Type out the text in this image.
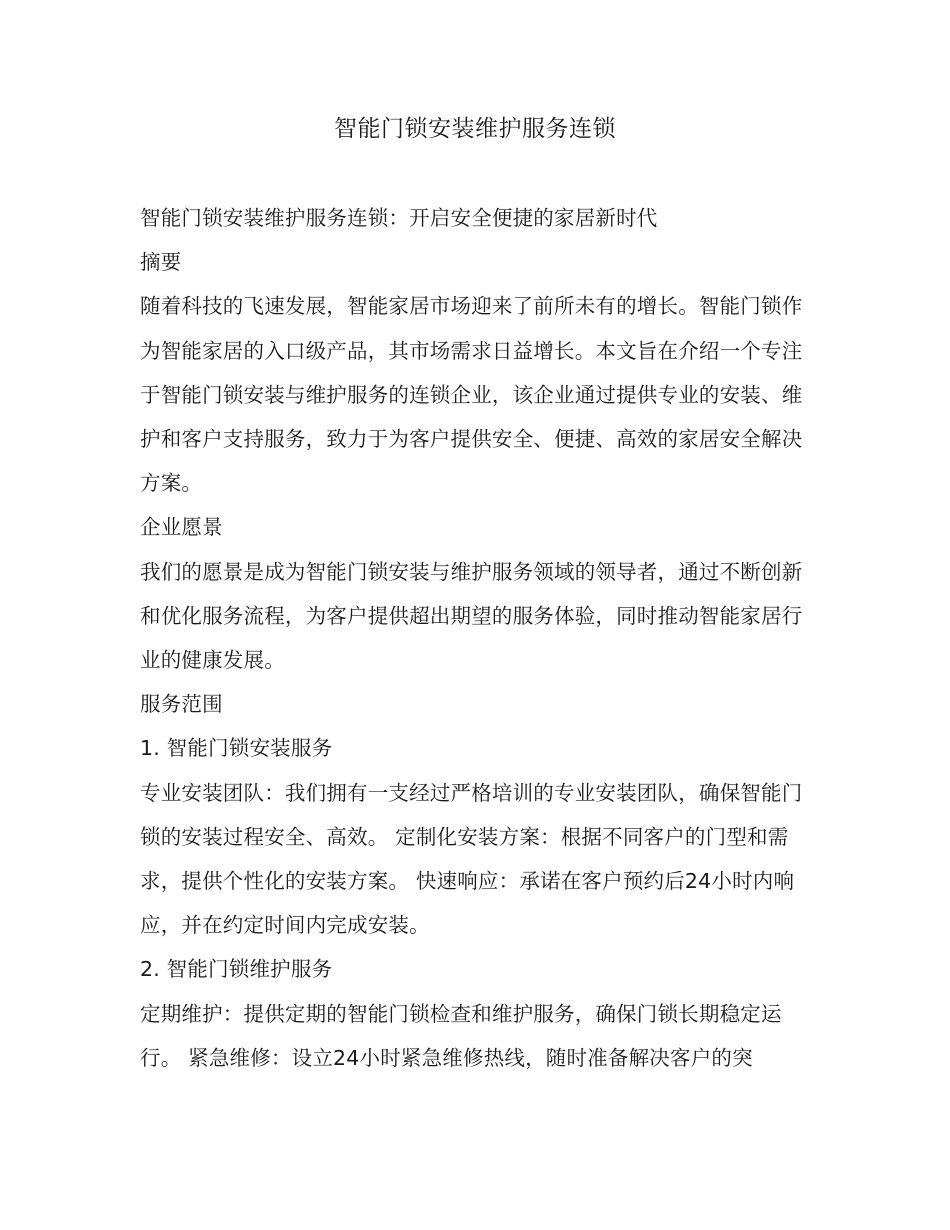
智能门锁安装维护服务连锁

智能门锁安装维护服务连锁：开启安全便捷的家居新时代

摘要

随着科技的飞速发展，智能家居市场迎来了前所未有的增长。智能门锁作为智能家居的入口级产品，其市场需求日益增长。本文旨在介绍一个专注于智能门锁安装与维护服务的连锁企业，该企业通过提供专业的安装、维护和客户支持服务，致力于为客户提供安全、便捷、高效的家居安全解决方案。

企业愿景

我们的愿景是成为智能门锁安装与维护服务领域的领导者，通过不断创新和优化服务流程，为客户提供超出期望的服务体验，同时推动智能家居行业的健康发展。

服务范围

1. 智能门锁安装服务

专业安装团队：我们拥有一支经过严格培训的专业安装团队，确保智能门锁的安装过程安全、高效。 定制化安装方案：根据不同客户的门型和需求，提供个性化的安装方案。 快速响应：承诺在客户预约后24小时内响应，并在约定时间内完成安装。

2. 智能门锁维护服务

定期维护：提供定期的智能门锁检查和维护服务，确保门锁长期稳定运行。 紧急维修：设立24小时紧急维修热线，随时准备解决客户的突
